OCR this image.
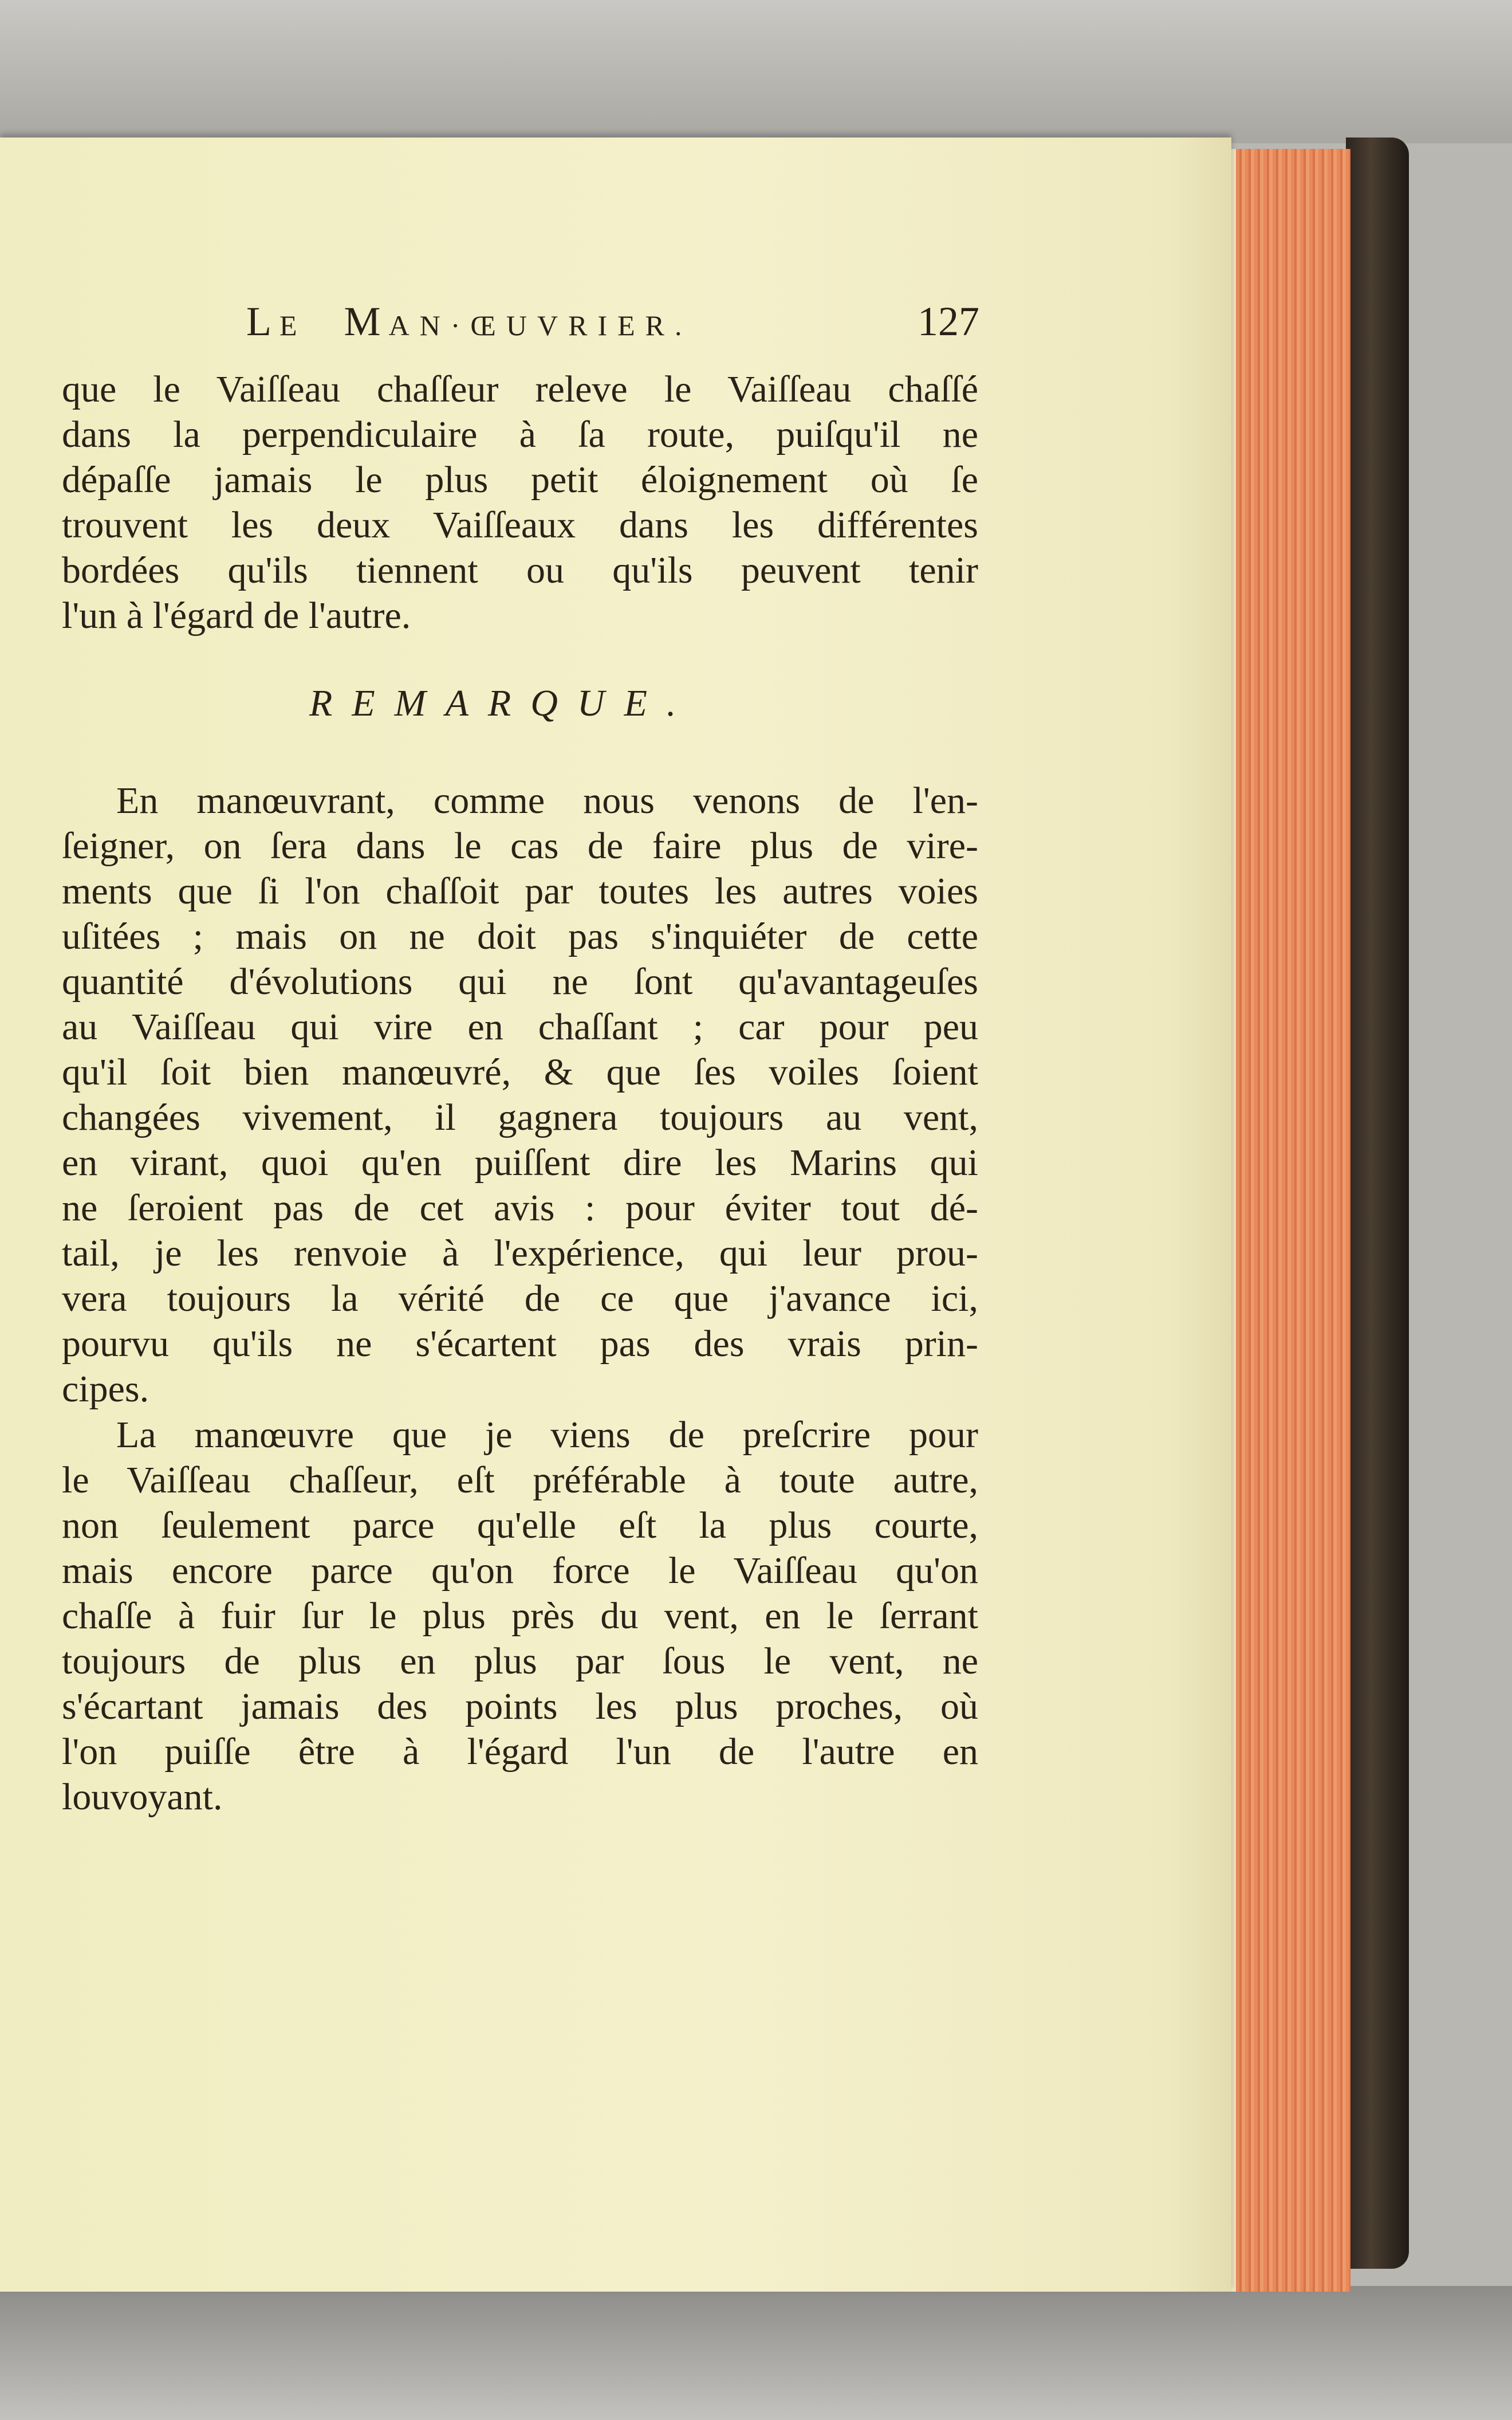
LE MAN·ŒUVRIER.	127
que le Vaiſſeau chaſſeur releve le Vaiſſeau chaſſé
dans la perpendiculaire à ſa route, puiſqu'il ne
dépaſſe jamais le plus petit éloignement où ſe
trouvent les deux Vaiſſeaux dans les différentes
bordées qu'ils tiennent ou qu'ils peuvent tenir
l'un à l'égard de l'autre.
REMARQUE.
En manœuvrant, comme nous venons de l'en-
ſeigner, on ſera dans le cas de faire plus de vire-
ments que ſi l'on chaſſoit par toutes les autres voies
uſitées ; mais on ne doit pas s'inquiéter de cette
quantité d'évolutions qui ne ſont qu'avantageuſes
au Vaiſſeau qui vire en chaſſant ; car pour peu
qu'il ſoit bien manœuvré, & que ſes voiles ſoient
changées vivement, il gagnera toujours au vent,
en virant, quoi qu'en puiſſent dire les Marins qui
ne ſeroient pas de cet avis : pour éviter tout dé-
tail, je les renvoie à l'expérience, qui leur prou-
vera toujours la vérité de ce que j'avance ici,
pourvu qu'ils ne s'écartent pas des vrais prin-
cipes.
La manœuvre que je viens de preſcrire pour
le Vaiſſeau chaſſeur, eſt préférable à toute autre,
non ſeulement parce qu'elle eſt la plus courte,
mais encore parce qu'on force le Vaiſſeau qu'on
chaſſe à fuir ſur le plus près du vent, en le ſerrant
toujours de plus en plus par ſous le vent, ne
s'écartant jamais des points les plus proches, où
l'on puiſſe être à l'égard l'un de l'autre en
louvoyant.
